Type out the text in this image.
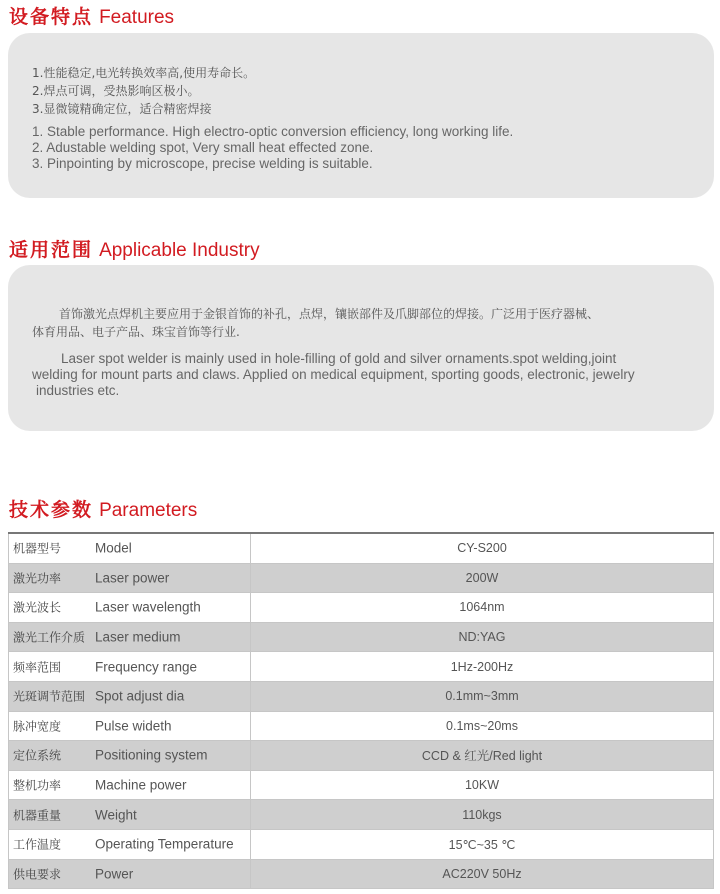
设备特点 Features

1.性能稳定,电光转换效率高,使用寿命长。

2.焊点可调，受热影响区极小。

3.显微镜精确定位，适合精密焊接

1. Stable performance. High electro-optic conversion efficiency, long working life.

2. Adustable welding spot, Very small heat effected zone.

3. Pinpointing by microscope, precise welding is suitable.

适用范围 Applicable Industry

首饰激光点焊机主要应用于金银首饰的补孔，点焊，镶嵌部件及爪脚部位的焊接。广泛用于医疗器械、

体育用品、电子产品、珠宝首饰等行业.

Laser spot welder is mainly used in hole-filling of gold and silver ornaments.spot welding,joint

welding for mount parts and claws. Applied on medical equipment, sporting goods, electronic, jewelry

industries etc.

技术参数 Parameters
机器型号 Model	CY-S200

激光功率 Laser power	200W

激光波长 Laser wavelength	1064nm

激光工作介质 Laser medium	ND:YAG

频率范围 Frequency range	1Hz-200Hz

光斑调节范围 Spot adjust dia	0.1mm~3mm

脉冲宽度 Pulse wideth	0.1ms~20ms

定位系统 Positioning system	CCD & 红光/Red light

整机功率 Machine power	10KW

机器重量 Weight	110kgs

工作温度 Operating Temperature	15℃~35 ℃

供电要求 Power	AC220V 50Hz
